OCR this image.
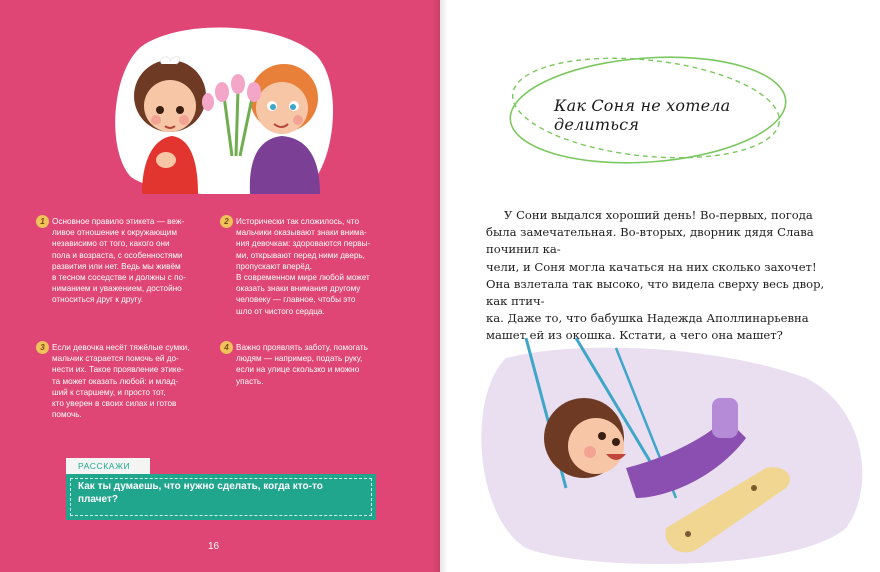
1 Основное правило этикета — веж-
ливое отношение к окружающим
независимо от того, какого они
пола и возраста, с особенностями
развития или нет. Ведь мы живём
в тесном соседстве и должны с по-
ниманием и уважением, достойно
относиться друг к другу.
2 Исторически так сложилось, что
мальчики оказывают знаки внима-
ния девочкам: здороваются первы-
ми, открывают перед ними дверь,
пропускают вперёд.
В современном мире любой может
оказать знаки внимания другому
человеку — главное, чтобы это
шло от чистого сердца.
3 Если девочка несёт тяжёлые сумки,
мальчик старается помочь ей до-
нести их. Такое проявление этике-
та может оказать любой: и млад-
ший к старшему, и просто тот,
кто уверен в своих силах и готов
помочь.
4 Важно проявлять заботу, помогать
людям — например, подать руку,
если на улице скользко и можно
упасть.
РАССКАЖИ
Как ты думаешь, что нужно сделать, когда кто-то
плачет?
16
Как Соня не хотела делиться
У Сони выдался хороший день! Во-первых, погода была замечательная. Во-вторых, дворник дядя Слава починил ка-
чели, и Соня могла качаться на них сколько захочет! Она взлетала так высоко, что видела сверху весь двор, как птич-
ка. Даже то, что бабушка Надежда Аполлинарьевна машет ей из окошка. Кстати, а чего она машет?
